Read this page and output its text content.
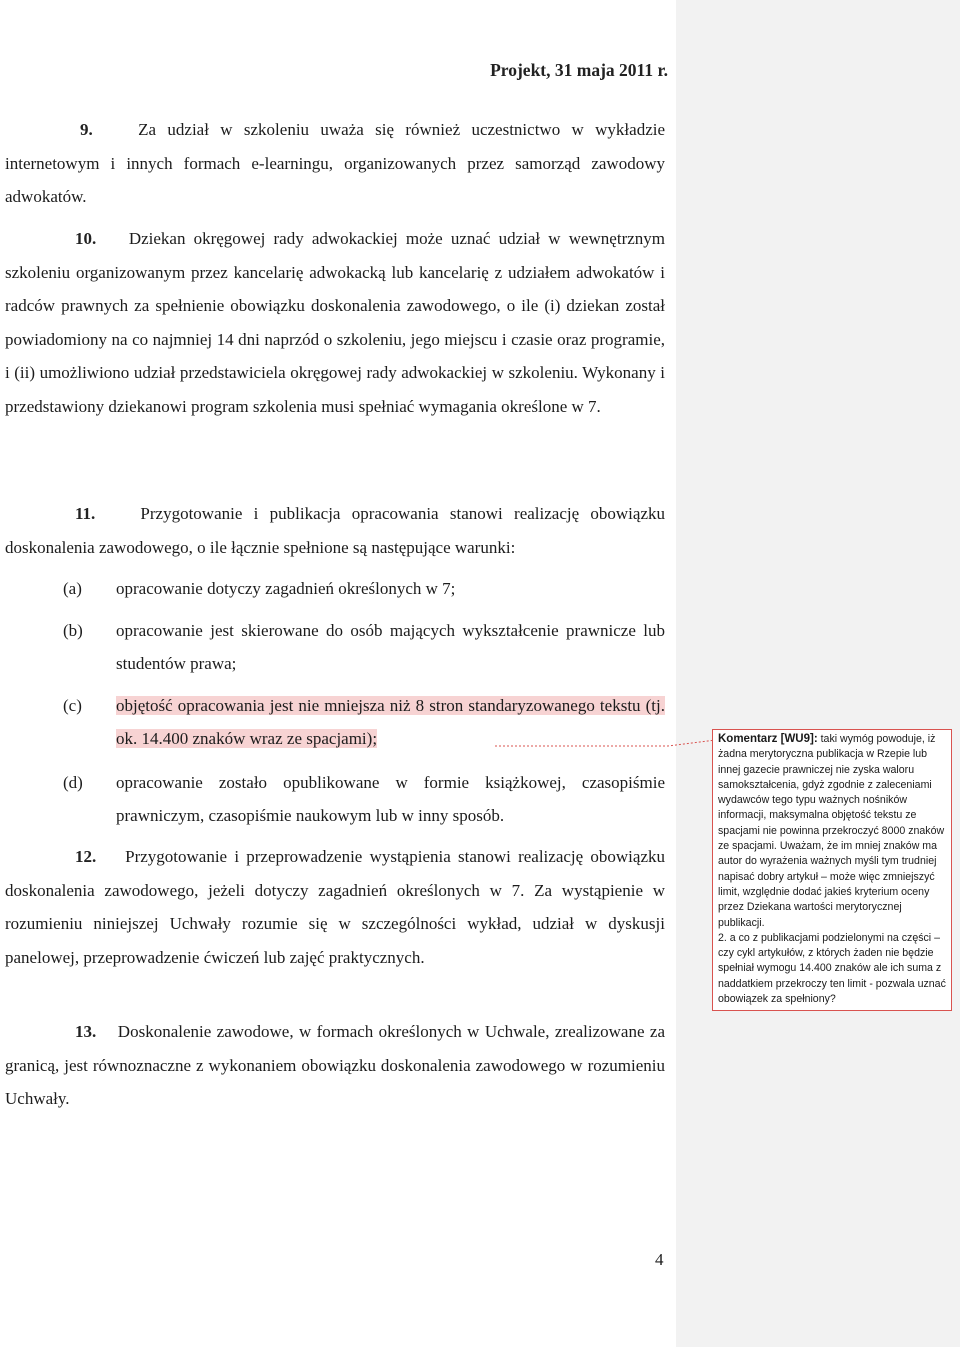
Projekt, 31 maja 2011 r.
9.	Za udział w szkoleniu uważa się również uczestnictwo w wykładzie internetowym i innych formach e-learningu, organizowanych przez samorząd zawodowy adwokatów.
10. Dziekan okręgowej rady adwokackiej może uznać udział w wewnętrznym szkoleniu organizowanym przez kancelarię adwokacką lub kancelarię z udziałem adwokatów i radców prawnych za spełnienie obowiązku doskonalenia zawodowego, o ile (i) dziekan został powiadomiony na co najmniej 14 dni naprzód o szkoleniu, jego miejscu i czasie oraz programie, i (ii) umożliwiono udział przedstawiciela okręgowej rady adwokackiej w szkoleniu. Wykonany i przedstawiony dziekanowi program szkolenia musi spełniać wymagania określone w 7.
11.	Przygotowanie i publikacja opracowania stanowi realizację obowiązku doskonalenia zawodowego, o ile łącznie spełnione są następujące warunki:
(a)	opracowanie dotyczy zagadnień określonych w 7;
(b)	opracowanie jest skierowane do osób mających wykształcenie prawnicze lub studentów prawa;
(c)	objętość opracowania jest nie mniejsza niż 8 stron standaryzowanego tekstu (tj. ok. 14.400 znaków wraz ze spacjami);
(d)	opracowanie zostało opublikowane w formie książkowej, czasopiśmie prawniczym, czasopiśmie naukowym lub w inny sposób.
12. Przygotowanie i przeprowadzenie wystąpienia stanowi realizację obowiązku doskonalenia zawodowego, jeżeli dotyczy zagadnień określonych w 7. Za wystąpienie w rozumieniu niniejszej Uchwały rozumie się w szczególności wykład, udział w dyskusji panelowej, przeprowadzenie ćwiczeń lub zajęć praktycznych.
13. Doskonalenie zawodowe, w formach określonych w Uchwale, zrealizowane za granicą, jest równoznaczne z wykonaniem obowiązku doskonalenia zawodowego w rozumieniu Uchwały.
4
Komentarz [WU9]: taki wymóg powoduje, iż żadna merytoryczna publikacja w Rzepie lub innej gazecie prawniczej nie zyska waloru samokształcenia, gdyż zgodnie z zaleceniami wydawców tego typu ważnych nośników informacji, maksymalna objętość tekstu ze spacjami nie powinna przekroczyć 8000 znaków ze spacjami. Uważam, że im mniej znaków ma autor do wyrażenia ważnych myśli tym trudniej napisać dobry artykuł – może więc zmniejszyć limit, względnie dodać jakieś kryterium oceny przez Dziekana wartości merytorycznej publikacji.
2. a co z publikacjami podzielonymi na części – czy cykl artykułów, z których żaden nie będzie spełniał wymogu 14.400 znaków ale ich suma z naddatkiem przekroczy ten limit - pozwala uznać obowiązek za spełniony?
